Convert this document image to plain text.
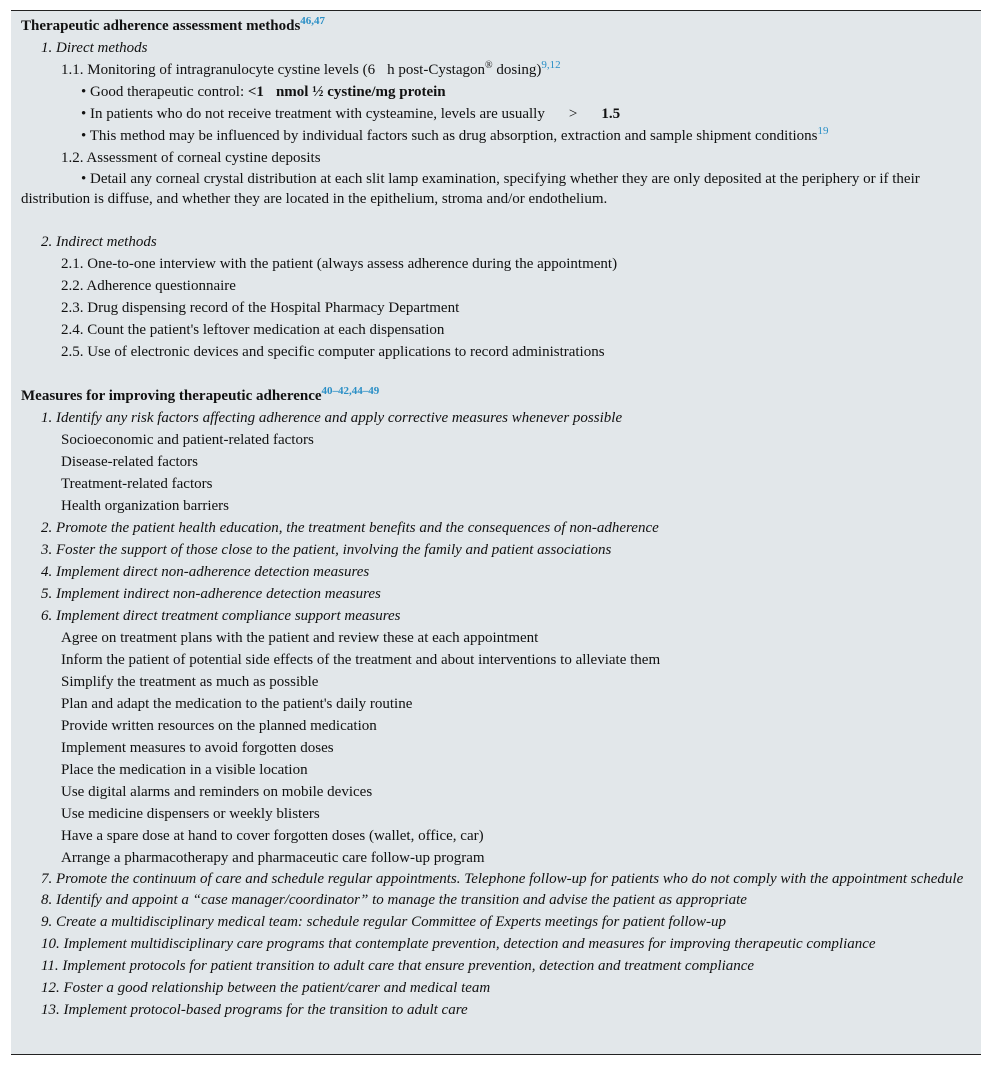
Therapeutic adherence assessment methods$^{46,47}$
1. Direct methods
1.1. Monitoring of intragranulocyte cystine levels (6 h post-Cystagon® dosing)$^{9,12}$
• Good therapeutic control: <1 nmol ½ cystine/mg protein
• In patients who do not receive treatment with cysteamine, levels are usually > 1.5
• This method may be influenced by individual factors such as drug absorption, extraction and sample shipment conditions$^{19}$
1.2. Assessment of corneal cystine deposits
• Detail any corneal crystal distribution at each slit lamp examination, specifying whether they are only deposited at the periphery or if their distribution is diffuse, and whether they are located in the epithelium, stroma and/or endothelium.
2. Indirect methods
2.1. One-to-one interview with the patient (always assess adherence during the appointment)
2.2. Adherence questionnaire
2.3. Drug dispensing record of the Hospital Pharmacy Department
2.4. Count the patient's leftover medication at each dispensation
2.5. Use of electronic devices and specific computer applications to record administrations
Measures for improving therapeutic adherence$^{40-42,44-49}$
1. Identify any risk factors affecting adherence and apply corrective measures whenever possible
Socioeconomic and patient-related factors
Disease-related factors
Treatment-related factors
Health organization barriers
2. Promote the patient health education, the treatment benefits and the consequences of non-adherence
3. Foster the support of those close to the patient, involving the family and patient associations
4. Implement direct non-adherence detection measures
5. Implement indirect non-adherence detection measures
6. Implement direct treatment compliance support measures
Agree on treatment plans with the patient and review these at each appointment
Inform the patient of potential side effects of the treatment and about interventions to alleviate them
Simplify the treatment as much as possible
Plan and adapt the medication to the patient's daily routine
Provide written resources on the planned medication
Implement measures to avoid forgotten doses
Place the medication in a visible location
Use digital alarms and reminders on mobile devices
Use medicine dispensers or weekly blisters
Have a spare dose at hand to cover forgotten doses (wallet, office, car)
Arrange a pharmacotherapy and pharmaceutic care follow-up program
7. Promote the continuum of care and schedule regular appointments. Telephone follow-up for patients who do not comply with the appointment schedule
8. Identify and appoint a “case manager/coordinator” to manage the transition and advise the patient as appropriate
9. Create a multidisciplinary medical team: schedule regular Committee of Experts meetings for patient follow-up
10. Implement multidisciplinary care programs that contemplate prevention, detection and measures for improving therapeutic compliance
11. Implement protocols for patient transition to adult care that ensure prevention, detection and treatment compliance
12. Foster a good relationship between the patient/carer and medical team
13. Implement protocol-based programs for the transition to adult care
